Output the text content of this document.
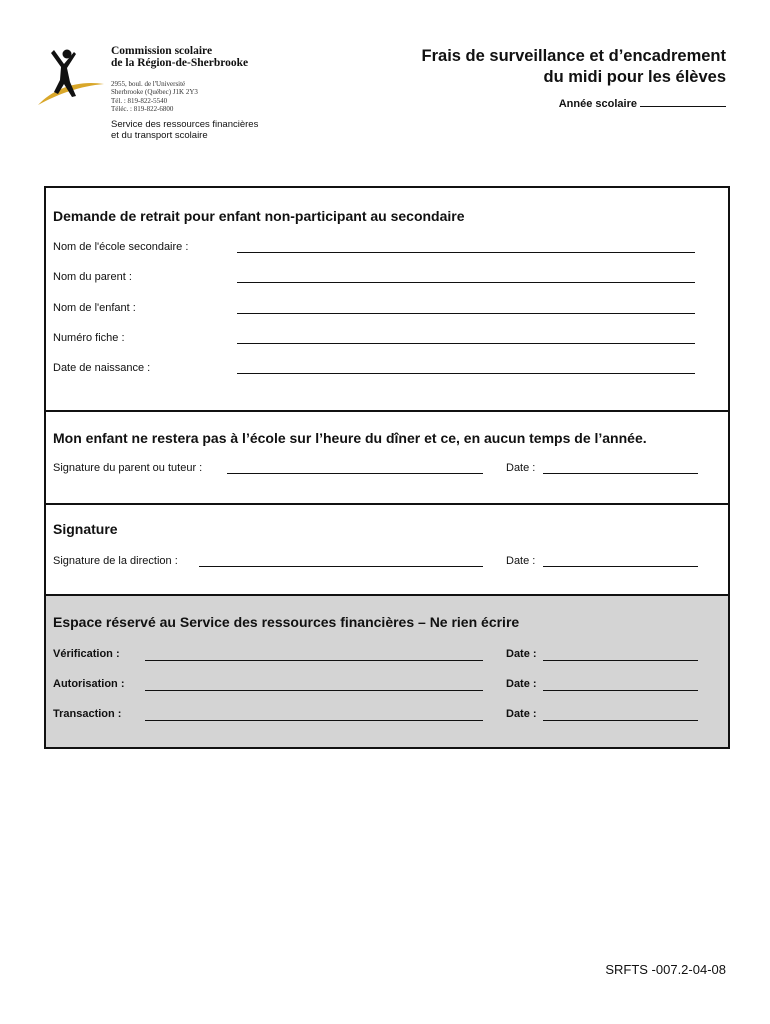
Commission scolaire
de la Région-de-Sherbrooke
2955, boul. de l'Université
Sherbrooke (Québec) J1K 2Y3
Tél. : 819-822-5540
Téléc. : 819-822-6800
Service des ressources financières
et du transport scolaire
Frais de surveillance et d’encadrement
du midi pour les élèves
Année scolaire
Demande de retrait pour enfant non-participant au secondaire
Nom de l'école secondaire :
Nom du parent :
Nom de l'enfant :
Numéro fiche :
Date de naissance :
Mon enfant ne restera pas à l’école sur l’heure du dîner et ce, en aucun temps de l’année.
Signature du parent ou tuteur :	Date :
Signature
Signature de la direction :	Date :
Espace réservé au Service des ressources financières – Ne rien écrire
Vérification :	Date :
Autorisation :	Date :
Transaction :	Date :
SRFTS -007.2-04-08
